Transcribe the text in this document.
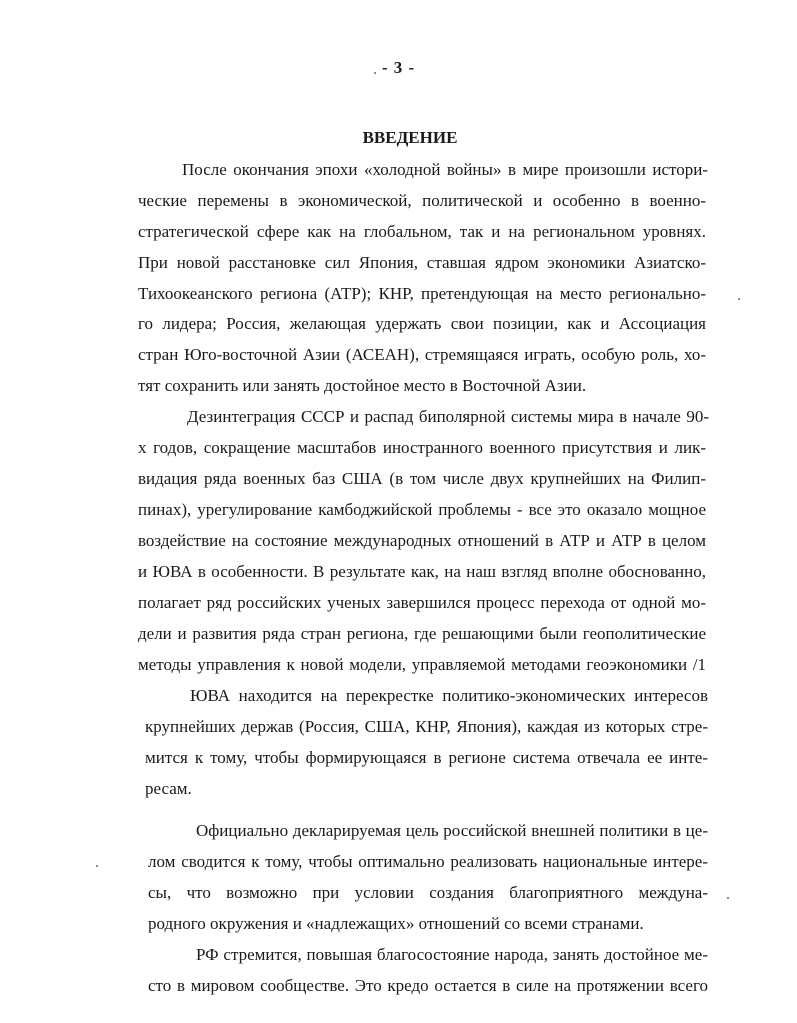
- 3 -
ВВЕДЕНИЕ
После окончания эпохи «холодной войны» в мире произошли истори-
ческие перемены в экономической, политической и особенно в военно-
стратегической сфере как на глобальном, так и на региональном уровнях.
При новой расстановке сил Япония, ставшая ядром экономики Азиатско-
Тихоокеанского региона (АТР); КНР, претендующая на место регионально-
го лидера; Россия, желающая удержать свои позиции, как и Ассоциация
стран Юго-восточной Азии (АСЕАН), стремящаяся играть, особую роль, хо-
тят сохранить или занять достойное место в Восточной Азии.
Дезинтеграция СССР и распад биполярной системы мира в начале 90-
х годов, сокращение масштабов иностранного военного присутствия и лик-
видация ряда военных баз США (в том числе двух крупнейших на Филип-
пинах), урегулирование камбоджийской проблемы - все это оказало мощное
воздействие на состояние международных отношений в АТР и АТР в целом
и ЮВА в особенности. В результате как, на наш взгляд вполне обоснованно,
полагает ряд российских ученых завершился процесс перехода от одной мо-
дели и развития ряда стран региона, где решающими были геополитические
методы управления к новой модели, управляемой методами геоэкономики /1
ЮВА находится на перекрестке политико-экономических интересов
крупнейших держав (Россия, США, КНР, Япония), каждая из которых стре-
мится к тому, чтобы формирующаяся в регионе система отвечала ее инте-
ресам.
Официально декларируемая цель российской внешней политики в це-
лом сводится к тому, чтобы оптимально реализовать национальные интере-
сы, что возможно при условии создания благоприятного междуна-
родного окружения и «надлежащих» отношений со всеми странами.
РФ стремится, повышая благосостояние народа, занять достойное ме-
сто в мировом сообществе. Это кредо остается в силе на протяжении всего
